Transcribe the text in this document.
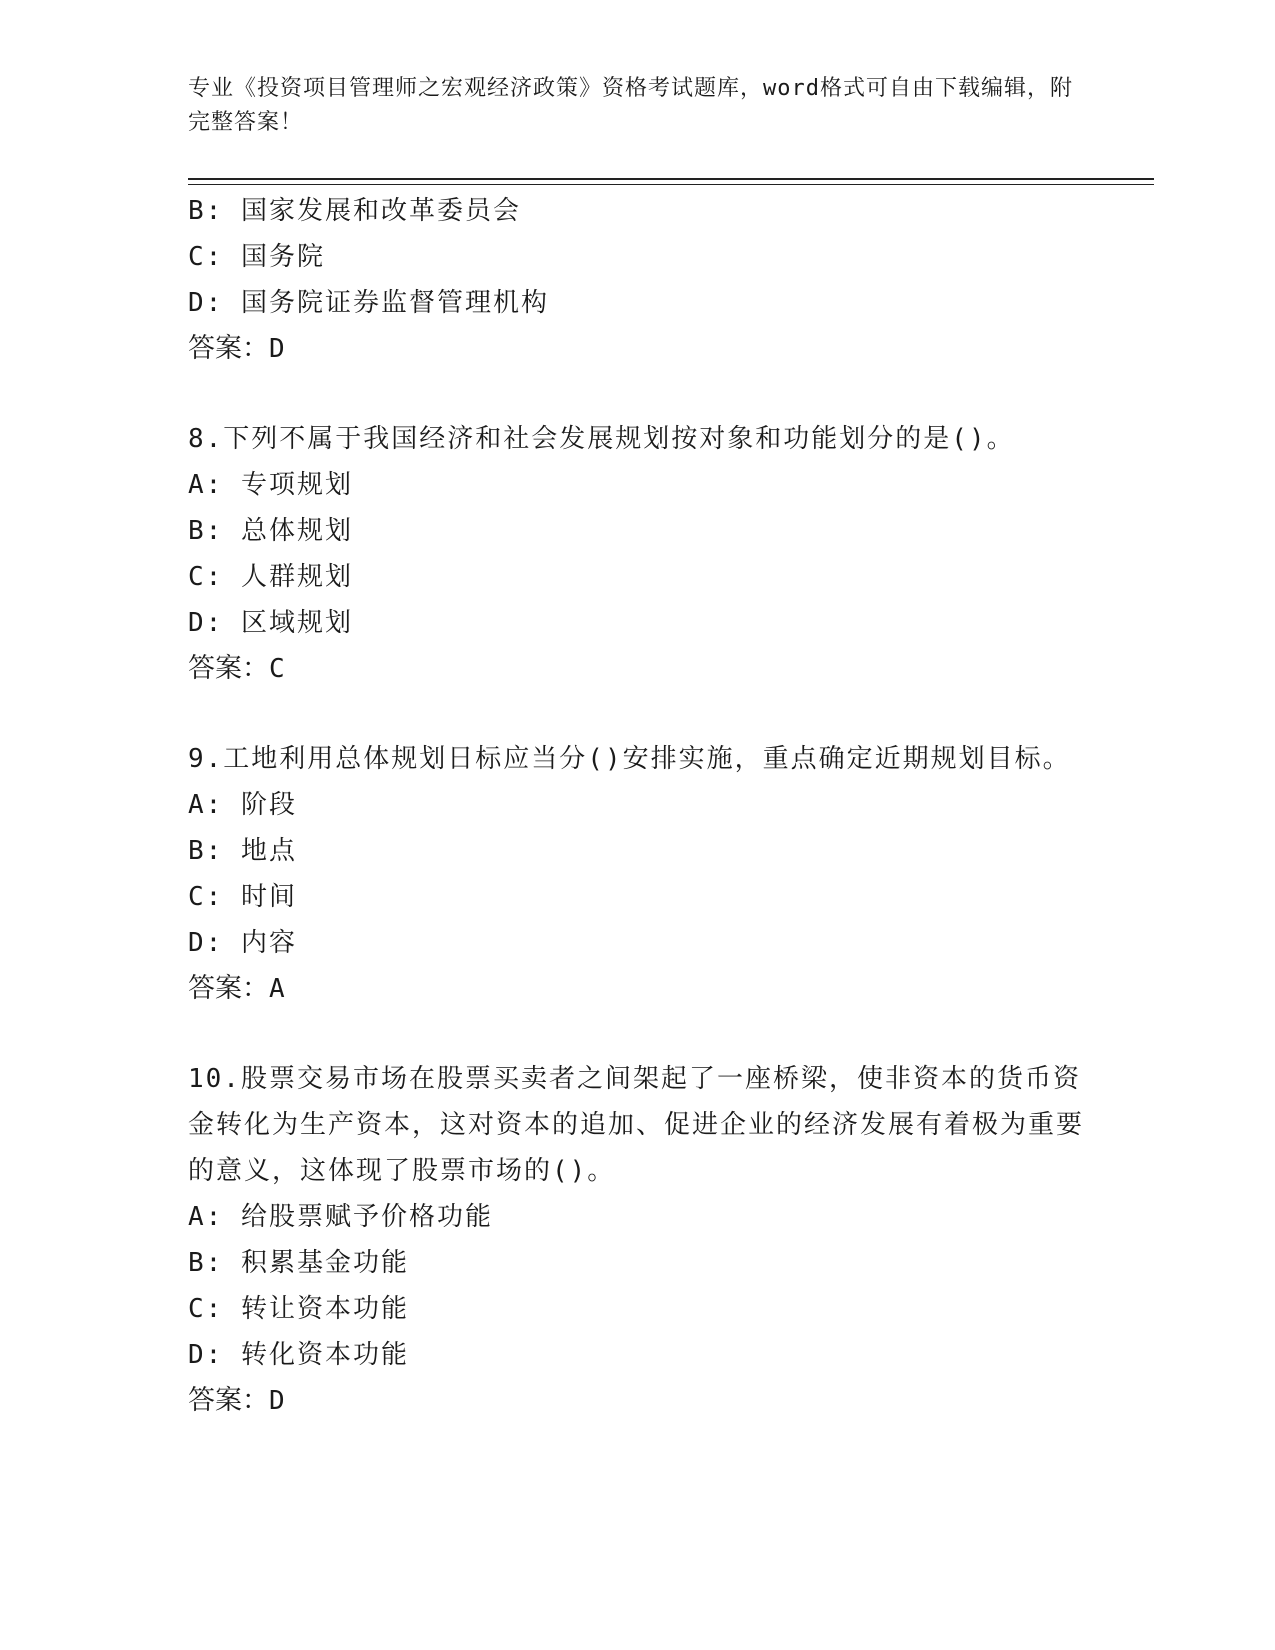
专业《投资项目管理师之宏观经济政策》资格考试题库，word格式可自由下载编辑，附完整答案！
B: 国家发展和改革委员会
C: 国务院
D: 国务院证券监督管理机构
答案：D
8.下列不属于我国经济和社会发展规划按对象和功能划分的是()。
A: 专项规划
B: 总体规划
C: 人群规划
D: 区域规划
答案：C
9.工地利用总体规划日标应当分()安排实施，重点确定近期规划目标。
A: 阶段
B: 地点
C: 时间
D: 内容
答案：A
10.股票交易市场在股票买卖者之间架起了一座桥梁，使非资本的货币资金转化为生产资本，这对资本的追加、促进企业的经济发展有着极为重要的意义，这体现了股票市场的()。
A: 给股票赋予价格功能
B: 积累基金功能
C: 转让资本功能
D: 转化资本功能
答案：D
